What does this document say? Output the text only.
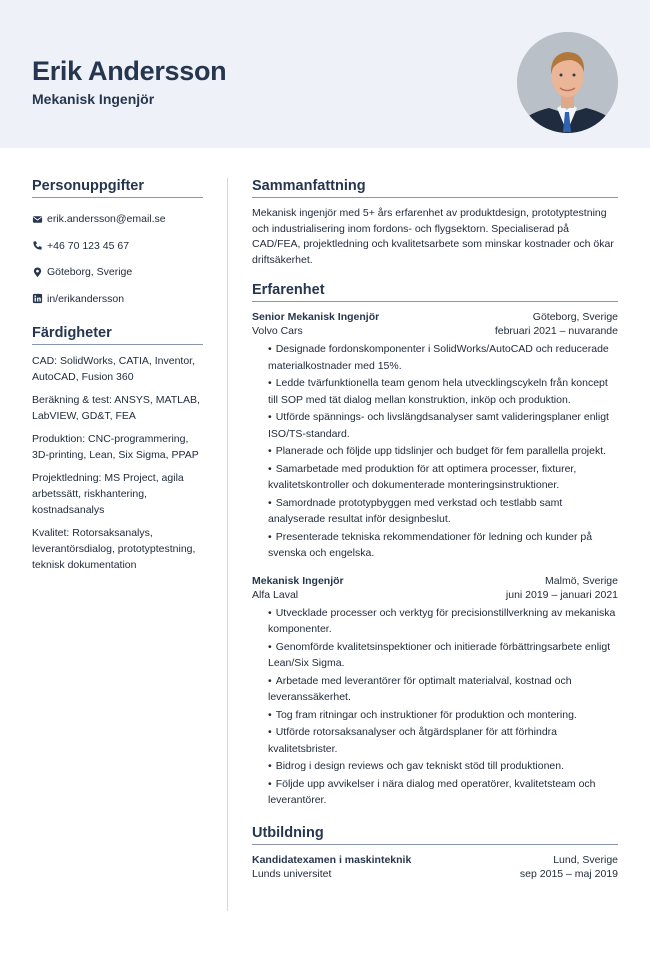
Erik Andersson
Mekanisk Ingenjör
Personuppgifter
erik.andersson@email.se
+46 70 123 45 67
Göteborg, Sverige
in/erikandersson
Färdigheter
CAD: SolidWorks, CATIA, Inventor, AutoCAD, Fusion 360
Beräkning & test: ANSYS, MATLAB, LabVIEW, GD&T, FEA
Produktion: CNC-programmering, 3D-printing, Lean, Six Sigma, PPAP
Projektledning: MS Project, agila arbetssätt, riskhantering, kostnadsanalys
Kvalitet: Rotorsaksanalys, leverantörsdialog, prototyptestning, teknisk dokumentation
Sammanfattning

Mekanisk ingenjör med 5+ års erfarenhet av produktdesign, prototyptestning och industrialisering inom fordons- och flygsektorn. Specialiserad på CAD/FEA, projektledning och kvalitetsarbete som minskar kostnader och ökar driftsäkerhet.

Erfarenhet
Senior Mekanisk Ingenjör	Göteborg, Sverige
Volvo Cars	februari 2021 – nuvarande
• Designade fordonskomponenter i SolidWorks/AutoCAD och reducerade materialkostnader med 15%.
• Ledde tvärfunktionella team genom hela utvecklingscykeln från koncept till SOP med tät dialog mellan konstruktion, inköp och produktion.
• Utförde spännings- och livslängdsanalyser samt valideringsplaner enligt ISO/TS-standard.
• Planerade och följde upp tidslinjer och budget för fem parallella projekt.
• Samarbetade med produktion för att optimera processer, fixturer, kvalitetskontroller och dokumenterade monteringsinstruktioner.
• Samordnade prototypbyggen med verkstad och testlabb samt analyserade resultat inför designbeslut.
• Presenterade tekniska rekommendationer för ledning och kunder på svenska och engelska.
Mekanisk Ingenjör	Malmö, Sverige
Alfa Laval	juni 2019 – januari 2021
• Utvecklade processer och verktyg för precisionstillverkning av mekaniska komponenter.
• Genomförde kvalitetsinspektioner och initierade förbättringsarbete enligt Lean/Six Sigma.
• Arbetade med leverantörer för optimalt materialval, kostnad och leveranssäkerhet.
• Tog fram ritningar och instruktioner för produktion och montering.
• Utförde rotorsaksanalyser och åtgärdsplaner för att förhindra kvalitetsbrister.
• Bidrog i design reviews och gav tekniskt stöd till produktionen.
• Följde upp avvikelser i nära dialog med operatörer, kvalitetsteam och leverantörer.
Utbildning
Kandidatexamen i maskinteknik	Lund, Sverige
Lunds universitet	sep 2015 – maj 2019
